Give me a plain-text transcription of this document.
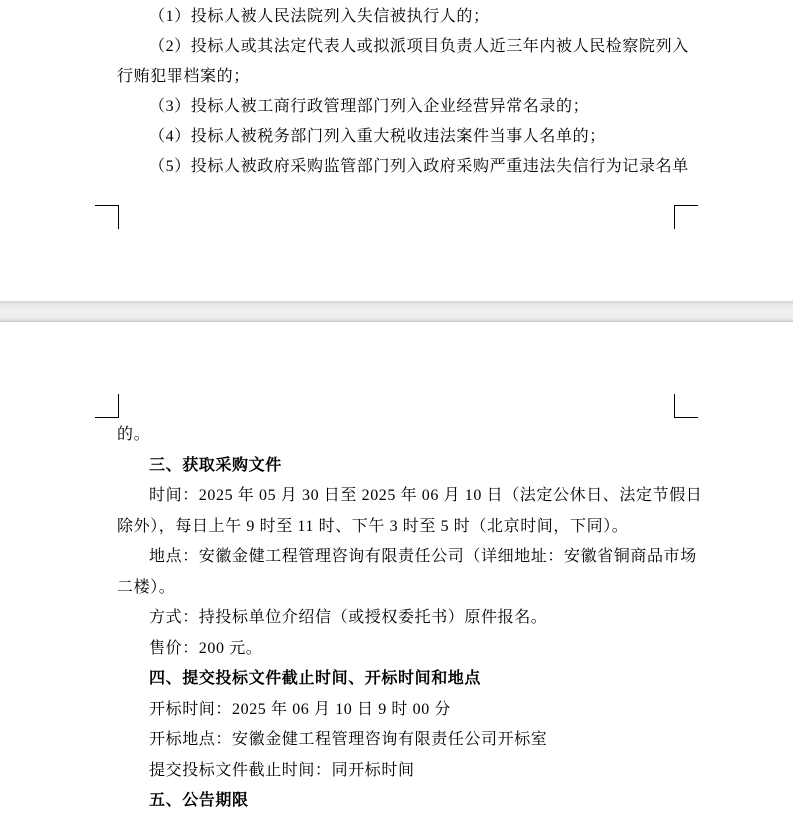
（1）投标人被人民法院列入失信被执行人的；
（2）投标人或其法定代表人或拟派项目负责人近三年内被人民检察院列入
行贿犯罪档案的；
（3）投标人被工商行政管理部门列入企业经营异常名录的；
（4）投标人被税务部门列入重大税收违法案件当事人名单的；
（5）投标人被政府采购监管部门列入政府采购严重违法失信行为记录名单
的。
三、获取采购文件
时间：2025 年 05 月 30 日至 2025 年 06 月 10 日（法定公休日、法定节假日
除外），每日上午 9 时至 11 时、下午 3 时至 5 时（北京时间，下同）。
地点：安徽金健工程管理咨询有限责任公司（详细地址：安徽省铜商品市场
二楼）。
方式：持投标单位介绍信（或授权委托书）原件报名。
售价：200 元。
四、提交投标文件截止时间、开标时间和地点
开标时间：2025 年 06 月 10 日 9 时 00 分
开标地点：安徽金健工程管理咨询有限责任公司开标室
提交投标文件截止时间：同开标时间
五、公告期限
